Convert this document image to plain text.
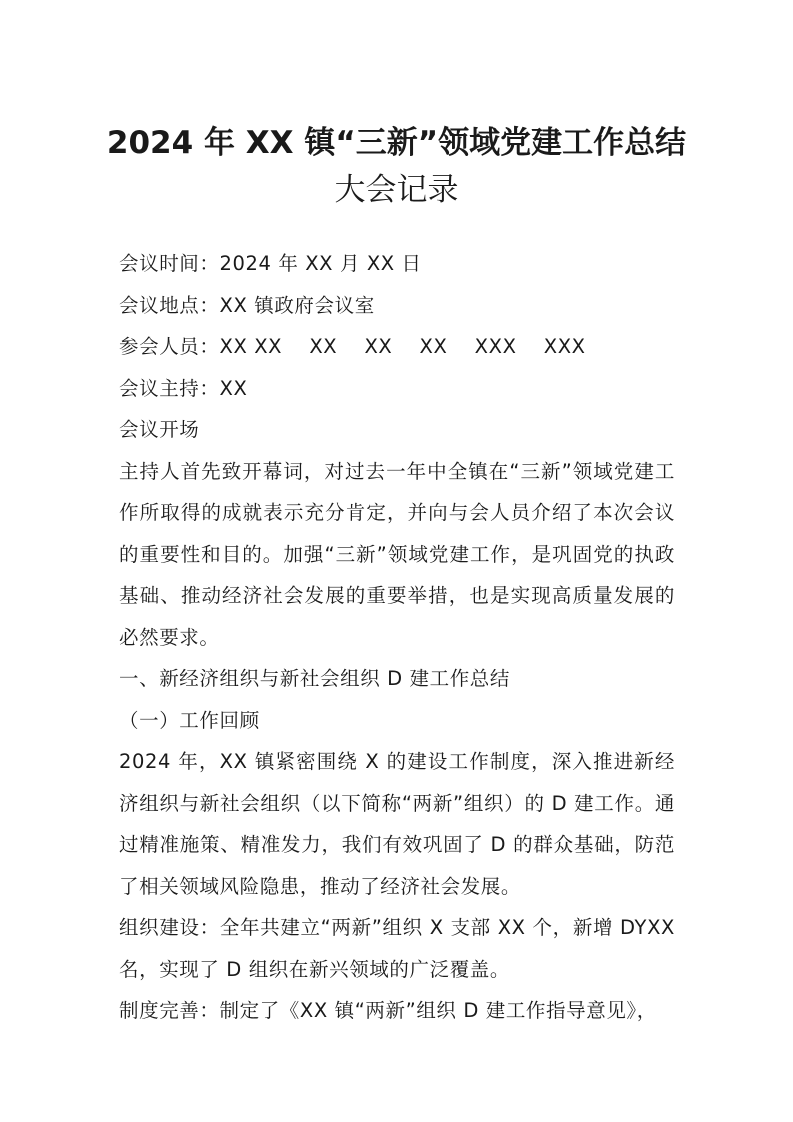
2024 年 XX 镇“三新”领域党建工作总结
大会记录

会议时间：2024 年 XX 月 XX 日

会议地点：XX 镇政府会议室

参会人员：XX XX    XX    XX    XX    XXX    XXX

会议主持：XX

会议开场

主持人首先致开幕词，对过去一年中全镇在“三新”领域党建工作所取得的成就表示充分肯定，并向与会人员介绍了本次会议的重要性和目的。加强“三新”领域党建工作，是巩固党的执政基础、推动经济社会发展的重要举措，也是实现高质量发展的必然要求。

一、新经济组织与新社会组织 D 建工作总结

（一）工作回顾

2024 年，XX 镇紧密围绕 X 的建设工作制度，深入推进新经济组织与新社会组织（以下简称“两新”组织）的 D 建工作。通过精准施策、精准发力，我们有效巩固了 D 的群众基础，防范了相关领域风险隐患，推动了经济社会发展。

组织建设：全年共建立“两新”组织 X 支部 XX 个，新增 DYXX 名，实现了 D 组织在新兴领域的广泛覆盖。

制度完善：制定了《XX 镇“两新”组织 D 建工作指导意见》，
